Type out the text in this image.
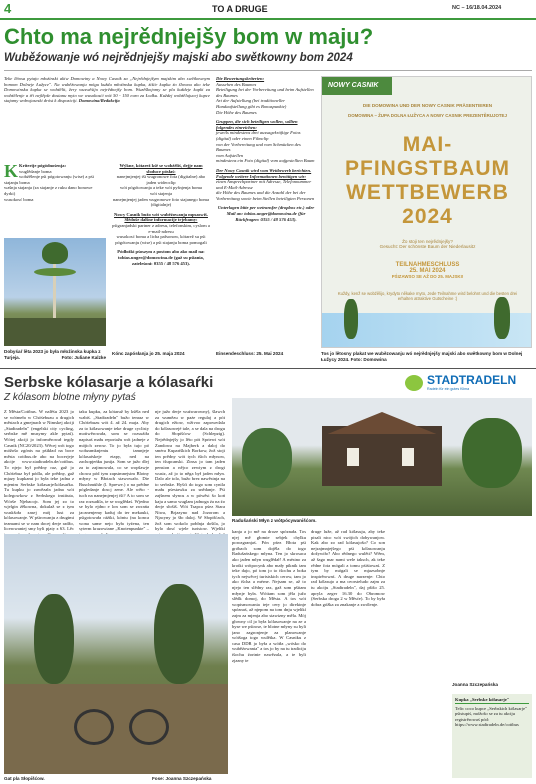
4	TO A DRUGE	NC – 16/18.04.2024
Chto ma nejrědnjejšy bom w maju?
Wuběźowanje wó nejrědnjejšy majski abo swětkowny bom 2024

Teke lětosa pytajo młoźinski akiw Domowiny a Nowy Casnik za „Nejrědnjejšym majskim abo swětkownym bomom Dolneje Łužyce". Na wuběźowanju mógu kuždu młoźinska kupka, źišće kupka źo šlownu ako teke Domowinska kupka se wobźělit, žery wuswěśijo nejrědnejšy bom. Wuzěškojomy se pla kuždeje kupki za wobźělenje a tři nejlěpše dostanu myto we wusokosći wót 50 - 150 euro za Łodku. Kuždej wobźělujucej kupce stajamy wobwjaseski dróst k dispoziciji. Domowina/Redakcija

K Kriterije pógódnośenja:
wuglědanje boma
wobźělenje pśi pógotowanju (wise) a pśi stajanju boma
wašnja stajanja (za stajanje z ruku dano bonowe dyrki)
wusokosć boma
Dobyśaŕ lěta 2023 jo była młoźinska kupka z Turjeja.	Foto: Juliane Kalzke
Wýkne, kótarež kśě se wobźěliś, dejje nam słoduce pósłaś:
nanejmjenjej tši wugronowe fota (digitalne) abo jaden wideoclip
wót pógótowanja a teke wót pyšnjenja boma
wót stajenja
nanejmjenjej jaden wugronowe foto stajanego boma (digitalnje)
Nowy Casnik bužo wót wuběźowanja mpsaswiš. Slěduše dalšne informacije trjebamy:
pśigranjadski partner z adresu, telefonskim, cyslom a e-mail-adresu
wusokosć boma a licba pařsonow, kótarež su pśi pógótowanju (wise) a pśi stajanju boma pomogali
Pódłožki pśoszym z postom abo ako mail na: tobias.unger@domowina.de (gaž su pśiania, zateleśoni: 0355 / 48 576 453).
Kónc zapósłanja jo 25. maja 2024
Die Bewertungskriterien:
Aussehen des Baumes
Beteiligung bei der Vorbereitung und beim Aufstellen des Baumes
Art der Aufstellung (bei traditioneller Handaufstellung gibt es Bonuspunkte)
Die Höhe des Baumes
Gruppen, die sich beteiligen wollen, sollten folgendes einreichen:
jeweils mindestens drei aussagekräftige Fotos (digital) oder einen Filmclip
von der Vorbereitung und vom Schmücken des Baumes
vom Aufstellen
mindestens ein Foto (digital) vom aufgestellten Baum
Der Nowy Casnik wird vom Wettbewerb berichten. Folgende weitere Informationen benötigen wir:
einen Ansprechpartner mit Adresse, Telefonnummer und E-Mail-Adresse
die Höhe des Baumes und die Anzahl der bei der Vorbereitung sowie beim Stellen beteiligten Personen
Unterlagen bitte per wetransfer (dropbox etc.) oder Mail an: tobias.unger@domowina.de (für Rückfragen: 0355 / 48 576 453).
Einsendeschluss: 25. Mai 2024
NOWY CASNIK
DIE DOMOWINA UND DER NOWY CASNIK PRÄSENTIEREN
DOMOWINA – ŽUPA DOLNA ŁUŽYCA A NOWY CASNIK PREZENTĚRUJOTEJ
MAI-
PFINGSTBAUM
WETTBEWERB
2024
Žo stoji ten nejrědnjejšy?
Gesucht: Der schönste Baum der Niederlausitz
TEILNAHMESCHLUSS
25. MAI 2024
PŚIZAWSO SE AŽ DO 25. MAJSKI!
Kuždy, kenž se wobźělijo, krydyto někake myto, Jede Teilnahme wird belohnt und die besten drei erhalten attraktive Gutscheine :)
Tos jo lětosny plakat we wubězowanju wó nejrědnjejšy majski abo swětkowny bom w Dolnej Łužycy 2024. Foto: Domowina
Serbske kólasarje a kólasaŕki
Z kólasom blotne młyny pytaś
STADTRADELN
Radeln für ein gutes Klima

Z Města/Cottbus. W nalěśu 2023 jo se wótmeła w Chóśebuzu a drugich městach a gmejnach w Nimskej akciji „Stadtradeln" (engelski city cycling, serbske mě musymy akle pytaś). Wótej akciji jo informěrował tegdy Casnik (NC20/2023). Wěcej wót togo móžošo zgónis na pśikład na boce města cottbus.de abo na bocerjeje akcije www.stadtradeln.de/cottbus. To njejo był prědny raz, gaž jo Chóśebuz był pódla, ale prědny, gaž mjazy kupkami jo była teke jadna z mjenim Serbske kólasarje/kólasaŕka. Tu kupku jo zawězała jadna wót kolegowkow z Serbskego instituta, Wórše Njebacojc. Som jej zo to wjelgin źěkowna, dokulaž se z tym wuskšoła zasej mój lust za kólasowanje. W pśirowanju z drugimi teamami se w nam docej derje radžo, licerowaniej smy byli pjaty z 63. Lěc

taku kupku, za kótaruž by kśěla ned wabiś. „Stadtradeln" bužo tenraz w Chóśebuzu wót 4. až 24. maja. Aby za to kólasowanje teke druge cyclisty motiwěrowała, som se rozsuźiła napisaś mału reportažu wót jadneje z mójich zerow. To jo była tujo pó wobzamknjeniu tamnjeje kólasaŕskeje etapy, ned na zachopjeńku junija. Som se južo dlej za to zajimowala, co se wopšawje chowa pód tym zapsimnejsim Blotny młyny w Błotach stawowało. Die Buschmühle (l. Sprewe.) o na prědne pógledanje doscj zene. Ale wěto - tuch na nanejmjenjej tši? A to som se raz rozsudila, te se woglědaś. Wjedno se bylo ejdno e lon som se zwrańa jacznenjemy kaduj do ter mekauki, pśigotowała ráźiki, kóntu (na konca wona same nejo była tyźena, ten syterm krazowiane „Knotenpunkte" –

nje južo derje wuźwarowny), šlawch za wumězu w paże regulaj a pót drugich ežiow, wživoo zapowedala do kólasowejé tale, a se dala na drogu do Słopišćow (Schlepzig). Nejrědnjejšy jo lěto pót Spriewi wót Zandowa na Majberk a daloj do smėra Kupariškich Borkow, žož stoji ten prědny wót tych tšich młynow, ten tšupcanski. Zinsa jo tam jaden pension a nějco zewiym z drogi wusiz, až jo to něga był jaden młyn. Dalo ale tolo, bužo brez nawěstnja na to serbske. Hyšći do togo som cynila mału pśestawku za snědanje. Pśi zajšnem słyncu a w pówěsi šo koń kaju a samo wuglam jadnoga źa na źo derje słošiš. Wót Tsapca pśez Stara Niwa, Brjazyno nad Jozorom a Njacyny jo šło daloj. W Słopišćach, žož som wokolo połdnja doštla, jo bylo dosć wjele turistow. Wjelikí

Radušański Młyn z wótpócywanišćom.

kanja a jo mě na droze spóznała. Tos njej mě głomie sebjek chylku porozgranjaś. Pón pśez Błota pśi gróbach som dojěla do togo Radušańskego młyna. Ten jo skrosaca ako jaden młyn wuglědał! A méstno za krotki wótpocynk abo mały piknik tam teke dajo, pó tom jo to tšochu z boka tych nejwěcej turistskich cerow, tam jo ako tšcha a mérne. Nejsam se, až to njejo ten slědny raz, gaž som pšitam młynje była. Wóttam som jěla južo slědk domoj, do Města. A tos wót wopismowania teje cery jo direktnje spóznaś, až njepom na tom dnju wjelikí zajm za mjenja abo stawizny měla. Mój głowny cil jo była kólasowanje na ze a byse we pśirose, te blotne młyny su byli jano zagronjenje za planowanje wótšoga togo wulětka. W Casniku z casa DDR jo była a wótła „wósko do wuběźowania" a tos jo by na tu tradiciju tšochu źortnie nawězala, a te byli zjazny te

druge luže, až rad kólasuju, aby teke pisali nico wót swójich dobywanjow. Kak abo zo rad kólasujošo? Co son nejzajmnjejšego pśi kólasowanju dožywiło? Abo rědnego wulěti? Wěm, až šago mar nami wele taksch, ak teke rědne fota mógali a tomu pśiśtowaś. Z tym by mógali se mjazsobnje inspirěrowaś. A druge narzenje: Chto rad kólasujo a ma ceorsteludo zajm za tu akciju „Stadtradeln", daj pšišo 25. apryla zeger 16.30 do Obromow (Serbska droga 2 w Měsće). To by była dobra góžka za znakanje a zwólenje.

Joanna Szczepańska
Kupka „Serbske kólasarje"
Telic coco kupce „Serbskich kólasarje" pśistupiś, móžošo se za tu akciju registrěrowaś pód: https://www.stadtradeln.de/cottbus
Gat pla Słopišćow.	Fose: Joanna Szczepańska
